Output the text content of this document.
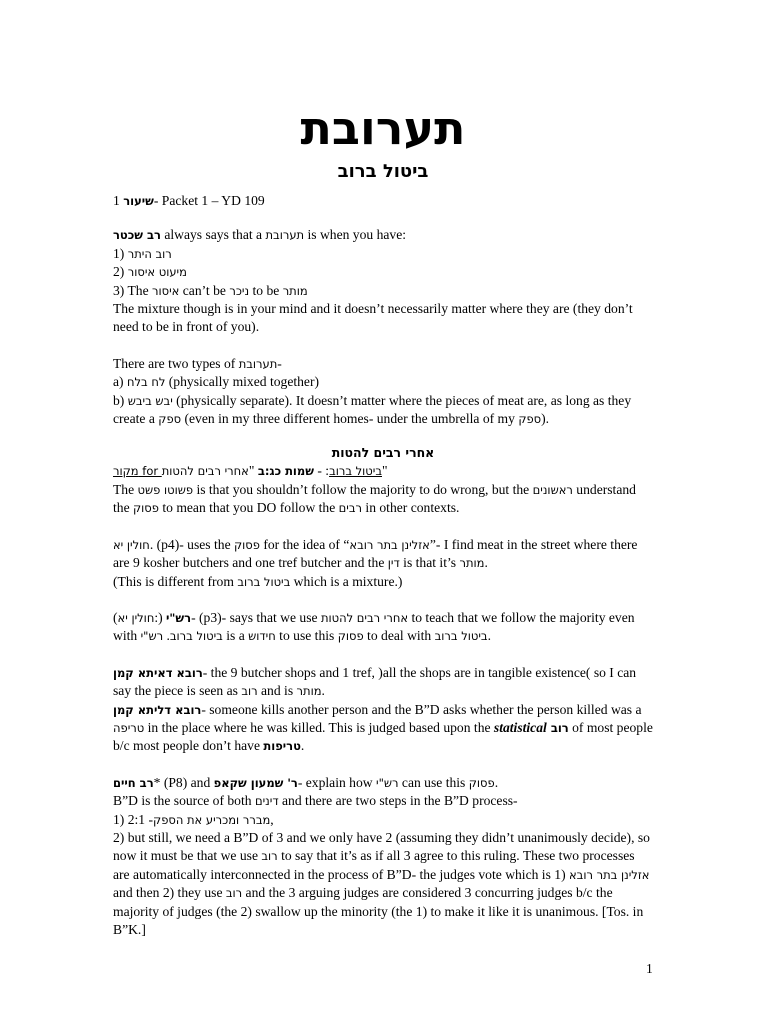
תערובת
ביטול ברוב

1 שיעור- Packet 1 – YD 109

רב שכטר always says that a תערובת is when you have:

1) רוב היתר

2) מיעוט איסור

3) The איסור can’t be ניכר to be מותר

The mixture though is in your mind and it doesn’t necessarily matter where they are (they don’t need to be in front of you).

There are two types of תערובת-

a) לח בלח (physically mixed together)

b) יבש ביבש (physically separate). It doesn’t matter where the pieces of meat are, as long as they create a ספק (even in my three different homes- under the umbrella of my ספק).

אחרי רבים להטות

מקור for	ביטול ברוב: - שמות כג:ב "אחרי רבים להטות	"

The פשוטו פשט is that you shouldn’t follow the majority to do wrong, but the ראשונים understand the פסוק to mean that you DO follow the רבים in other contexts.

חולין יא. (p4)- uses the פסוק for the idea of “אזלינן בתר רובא”- I find meat in the street where there are 9 kosher butchers and one tref butcher and the דין is that it’s מותר.

(This is different from ביטול ברוב which is a mixture.)

(חולין יא:) רש"י- (p3)- says that we use אחרי רבים להטות to teach that we follow the majority even with	ביטול ברוב. רש"י	is a חידוש to use this פסוק to deal with ביטול ברוב.

רובא דאיתא קמן- the 9 butcher shops and 1 tref, )all the shops are in tangible existence( so I can say the piece is seen as רוב and is מותר.

רובא דליתא קמן- someone kills another person and the B”D asks whether the person killed was a טריפה in the place where he was killed. This is judged based upon the statistical רוב of most people b/c most people don’t have טריפות.

רב חיים* (P8) and ר' שמעון שקאפ- explain how רש"י can use this פסוק.

B”D is the source of both דינים and there are two steps in the B”D process-

1) 2:1 -מברר ומכריע את הספק,

2) but still, we need a B”D of 3 and we only have 2 (assuming they didn’t unanimously decide), so now it must be that we use רוב to say that it’s as if all 3 agree to this ruling. These two processes are automatically interconnected in the process of B”D- the judges vote which is 1) אזלינן בתר רובא and then 2) they use רוב and the 3 arguing judges are considered 3 concurring judges b/c the majority of judges (the 2) swallow up the minority (the 1) to make it like it is unanimous. [Tos. in B”K.]

1
